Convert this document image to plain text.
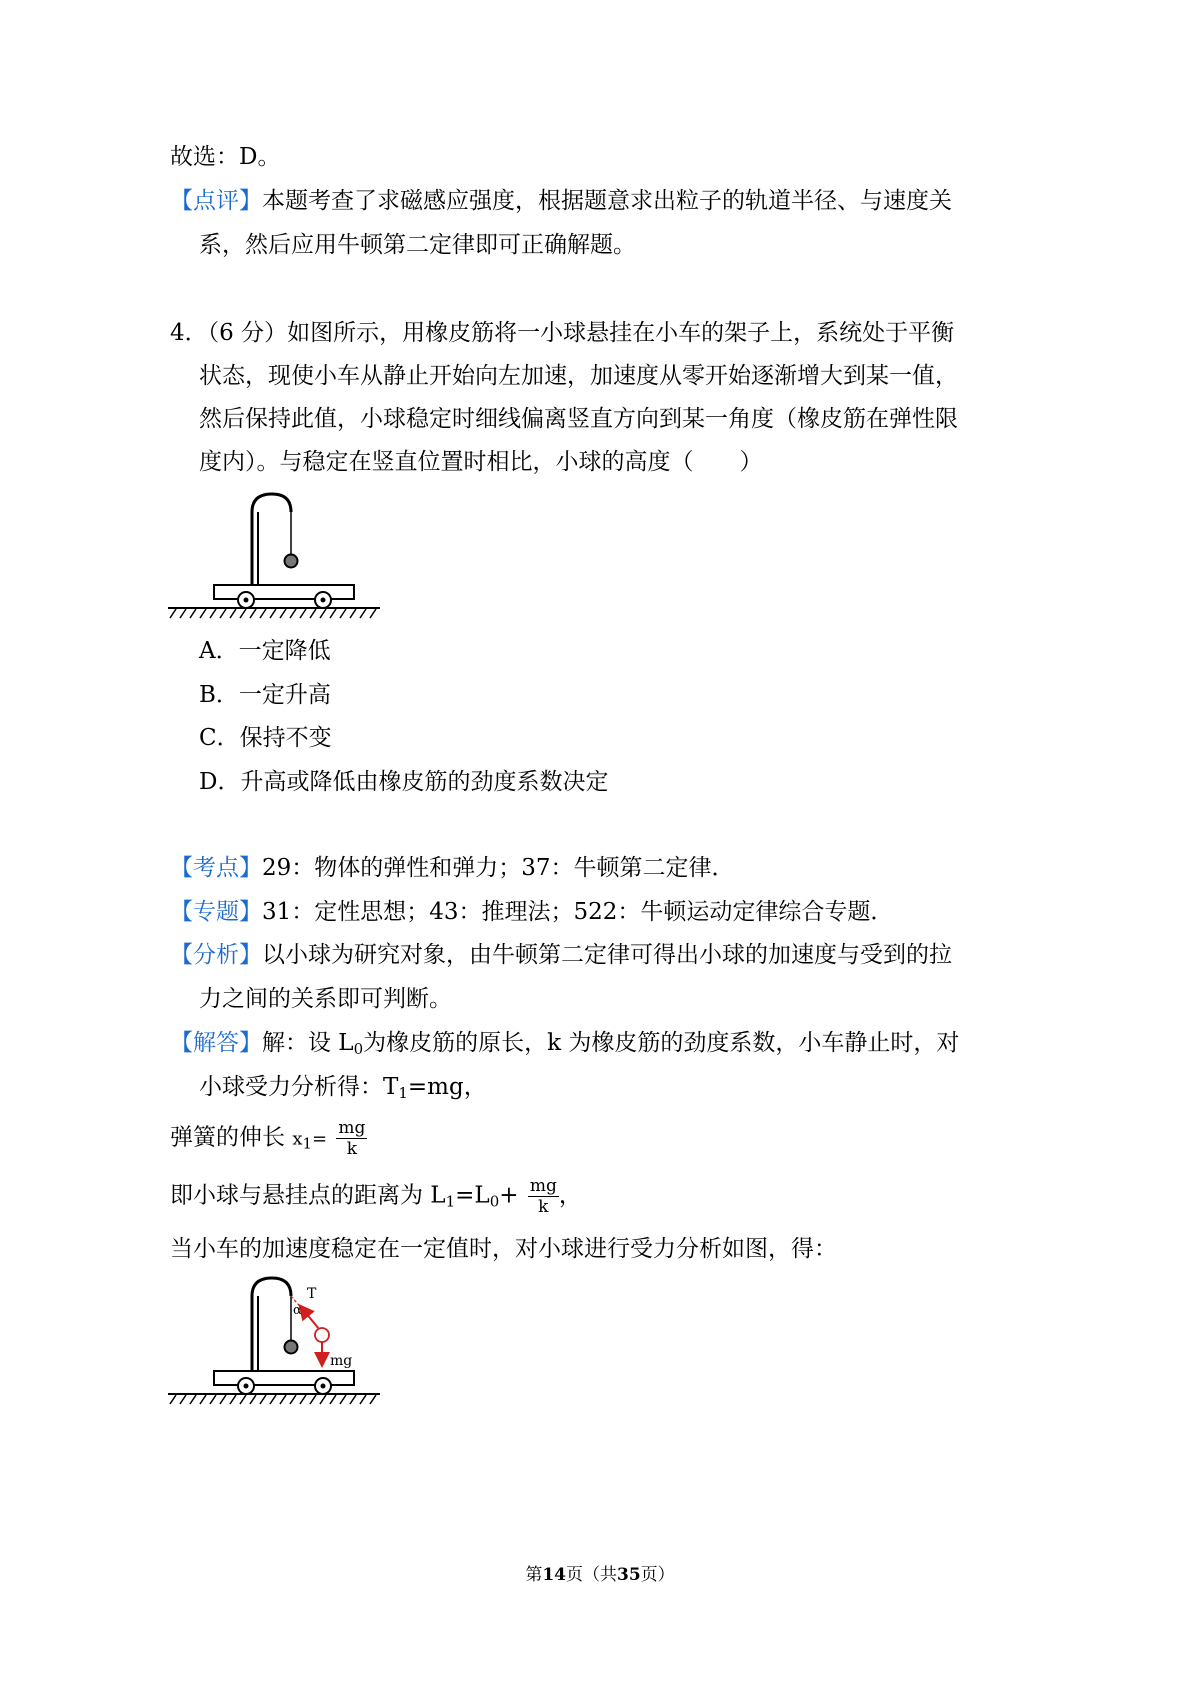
故选：D。
【点评】本题考查了求磁感应强度，根据题意求出粒子的轨道半径、与速度关
系，然后应用牛顿第二定律即可正确解题。
4．（6 分）如图所示，用橡皮筋将一小球悬挂在小车的架子上，系统处于平衡
状态，现使小车从静止开始向左加速，加速度从零开始逐渐增大到某一值，
然后保持此值，小球稳定时细线偏离竖直方向到某一角度（橡皮筋在弹性限
度内）。与稳定在竖直位置时相比，小球的高度（　　）
A．一定降低
B．一定升高
C．保持不变
D．升高或降低由橡皮筋的劲度系数决定
【考点】29：物体的弹性和弹力；37：牛顿第二定律．
【专题】31：定性思想；43：推理法；522：牛顿运动定律综合专题．
【分析】以小球为研究对象，由牛顿第二定律可得出小球的加速度与受到的拉
力之间的关系即可判断。
【解答】解：设 $L_0$为橡皮筋的原长，k 为橡皮筋的劲度系数，小车静止时，对
小球受力分析得：$T_1=mg$，
弹簧的伸长 $x_1= \frac{mg}{k}$
即小球与悬挂点的距离为 $L_1=L_0+ \frac{mg}{k}$ ，
当小车的加速度稳定在一定值时，对小球进行受力分析如图，得：
T
α
mg
第14页（共35页）
